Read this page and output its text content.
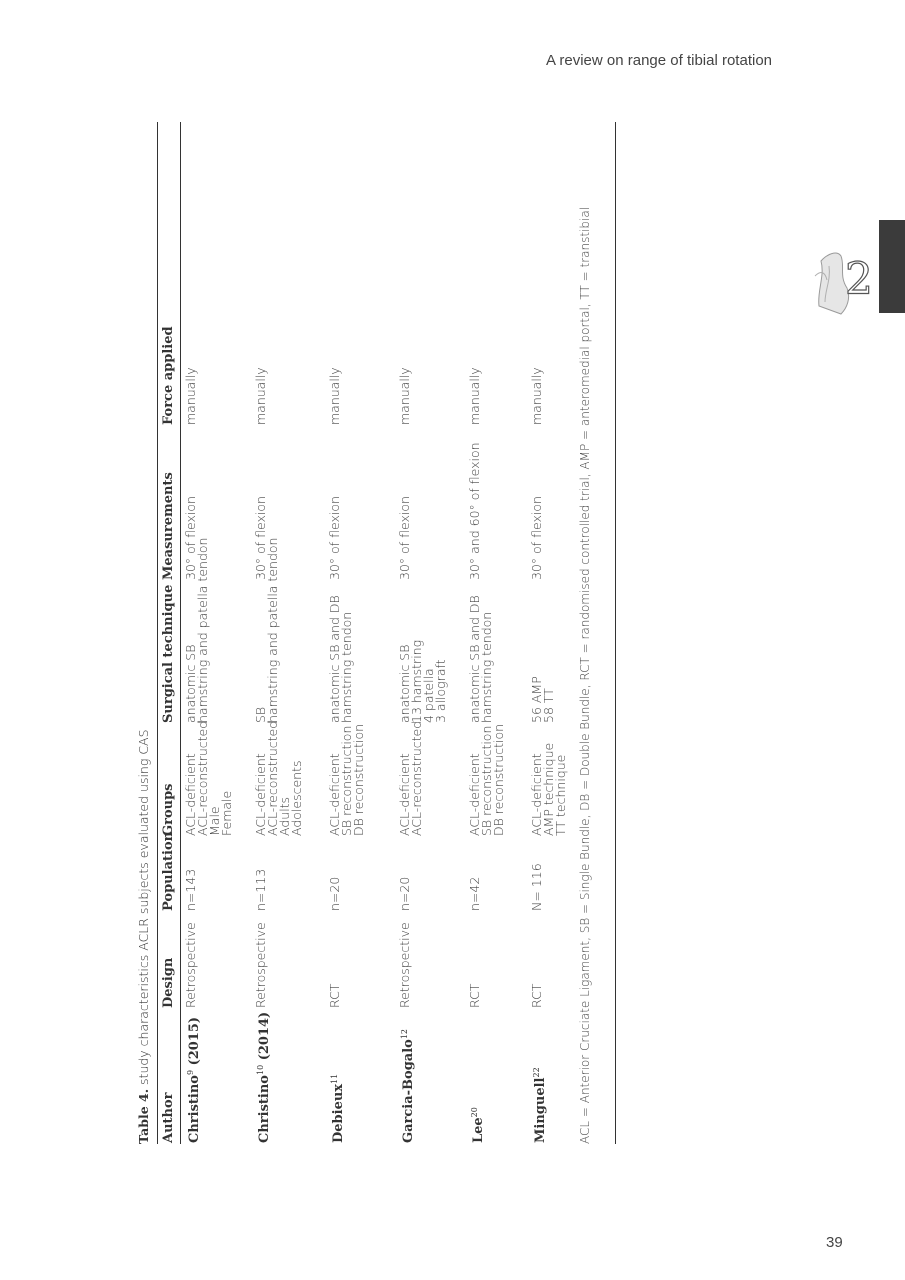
A review on range of tibial rotation
2
Table 4. study characteristics ACLR subjects evaluated using CAS
Author
Design
Population
Groups
Surgical technique
Measurements
Force applied
Christino$^9$ (2015)
Retrospective
n=143
ACL-deficient
ACL-reconstructed
Male
Female
anatomic SB
hamstring and patella tendon
30° of flexion
manually
Christino$^{10}$ (2014)
Retrospective
n=113
ACL-deficient
ACL-reconstructed
Adults
Adolescents
SB
hamstring and patella tendon
30° of flexion
manually
Debieux$^{11}$
RCT
n=20
ACL-deficient
SB reconstruction
DB reconstruction
anatomic SB and DB
hamstring tendon
30° of flexion
manually
Garcia-Bogalo$^{12}$
Retrospective
n=20
ACL-deficient
ACL-reconstructed
anatomic SB
13 hamstring
4 patella
3 allograft
30° of flexion
manually
Lee$^{20}$
RCT
n=42
ACL-deficient
SB reconstruction
DB reconstruction
anatomic SB and DB
hamstring tendon
30° and 60° of flexion
manually
Minguell$^{22}$
RCT
N= 116
ACL-deficient
AMP technique
TT technique
56 AMP
58 TT
30° of flexion
manually	ACL = Anterior Cruciate Ligament, SB = Single Bundle, DB = Double Bundle, RCT = randomised controlled trial, AMP = anteromedial portal, TT = transtibial
39
